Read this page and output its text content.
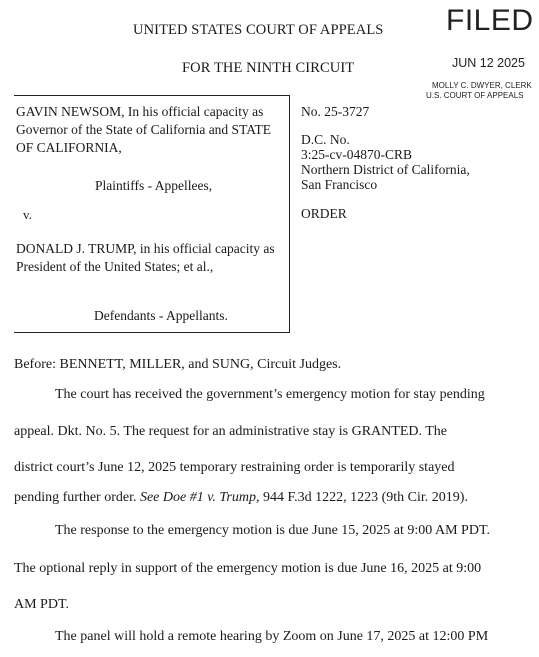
UNITED STATES COURT OF APPEALS
FOR THE NINTH CIRCUIT
FILED
JUN 12 2025
MOLLY C. DWYER, CLERK
U.S. COURT OF APPEALS
GAVIN NEWSOM, In his official capacity as Governor of the State of California and STATE OF CALIFORNIA,
Plaintiffs - Appellees,
v.
DONALD J. TRUMP, in his official capacity as President of the United States; et al.,
Defendants - Appellants.
No. 25-3727
D.C. No.
3:25-cv-04870-CRB
Northern District of California,
San Francisco
ORDER
Before: BENNETT, MILLER, and SUNG, Circuit Judges.
The court has received the government’s emergency motion for stay pending
appeal. Dkt. No. 5. The request for an administrative stay is GRANTED. The
district court’s June 12, 2025 temporary restraining order is temporarily stayed
pending further order. See Doe #1 v. Trump, 944 F.3d 1222, 1223 (9th Cir. 2019).
The response to the emergency motion is due June 15, 2025 at 9:00 AM PDT.
The optional reply in support of the emergency motion is due June 16, 2025 at 9:00
AM PDT.
The panel will hold a remote hearing by Zoom on June 17, 2025 at 12:00 PM
